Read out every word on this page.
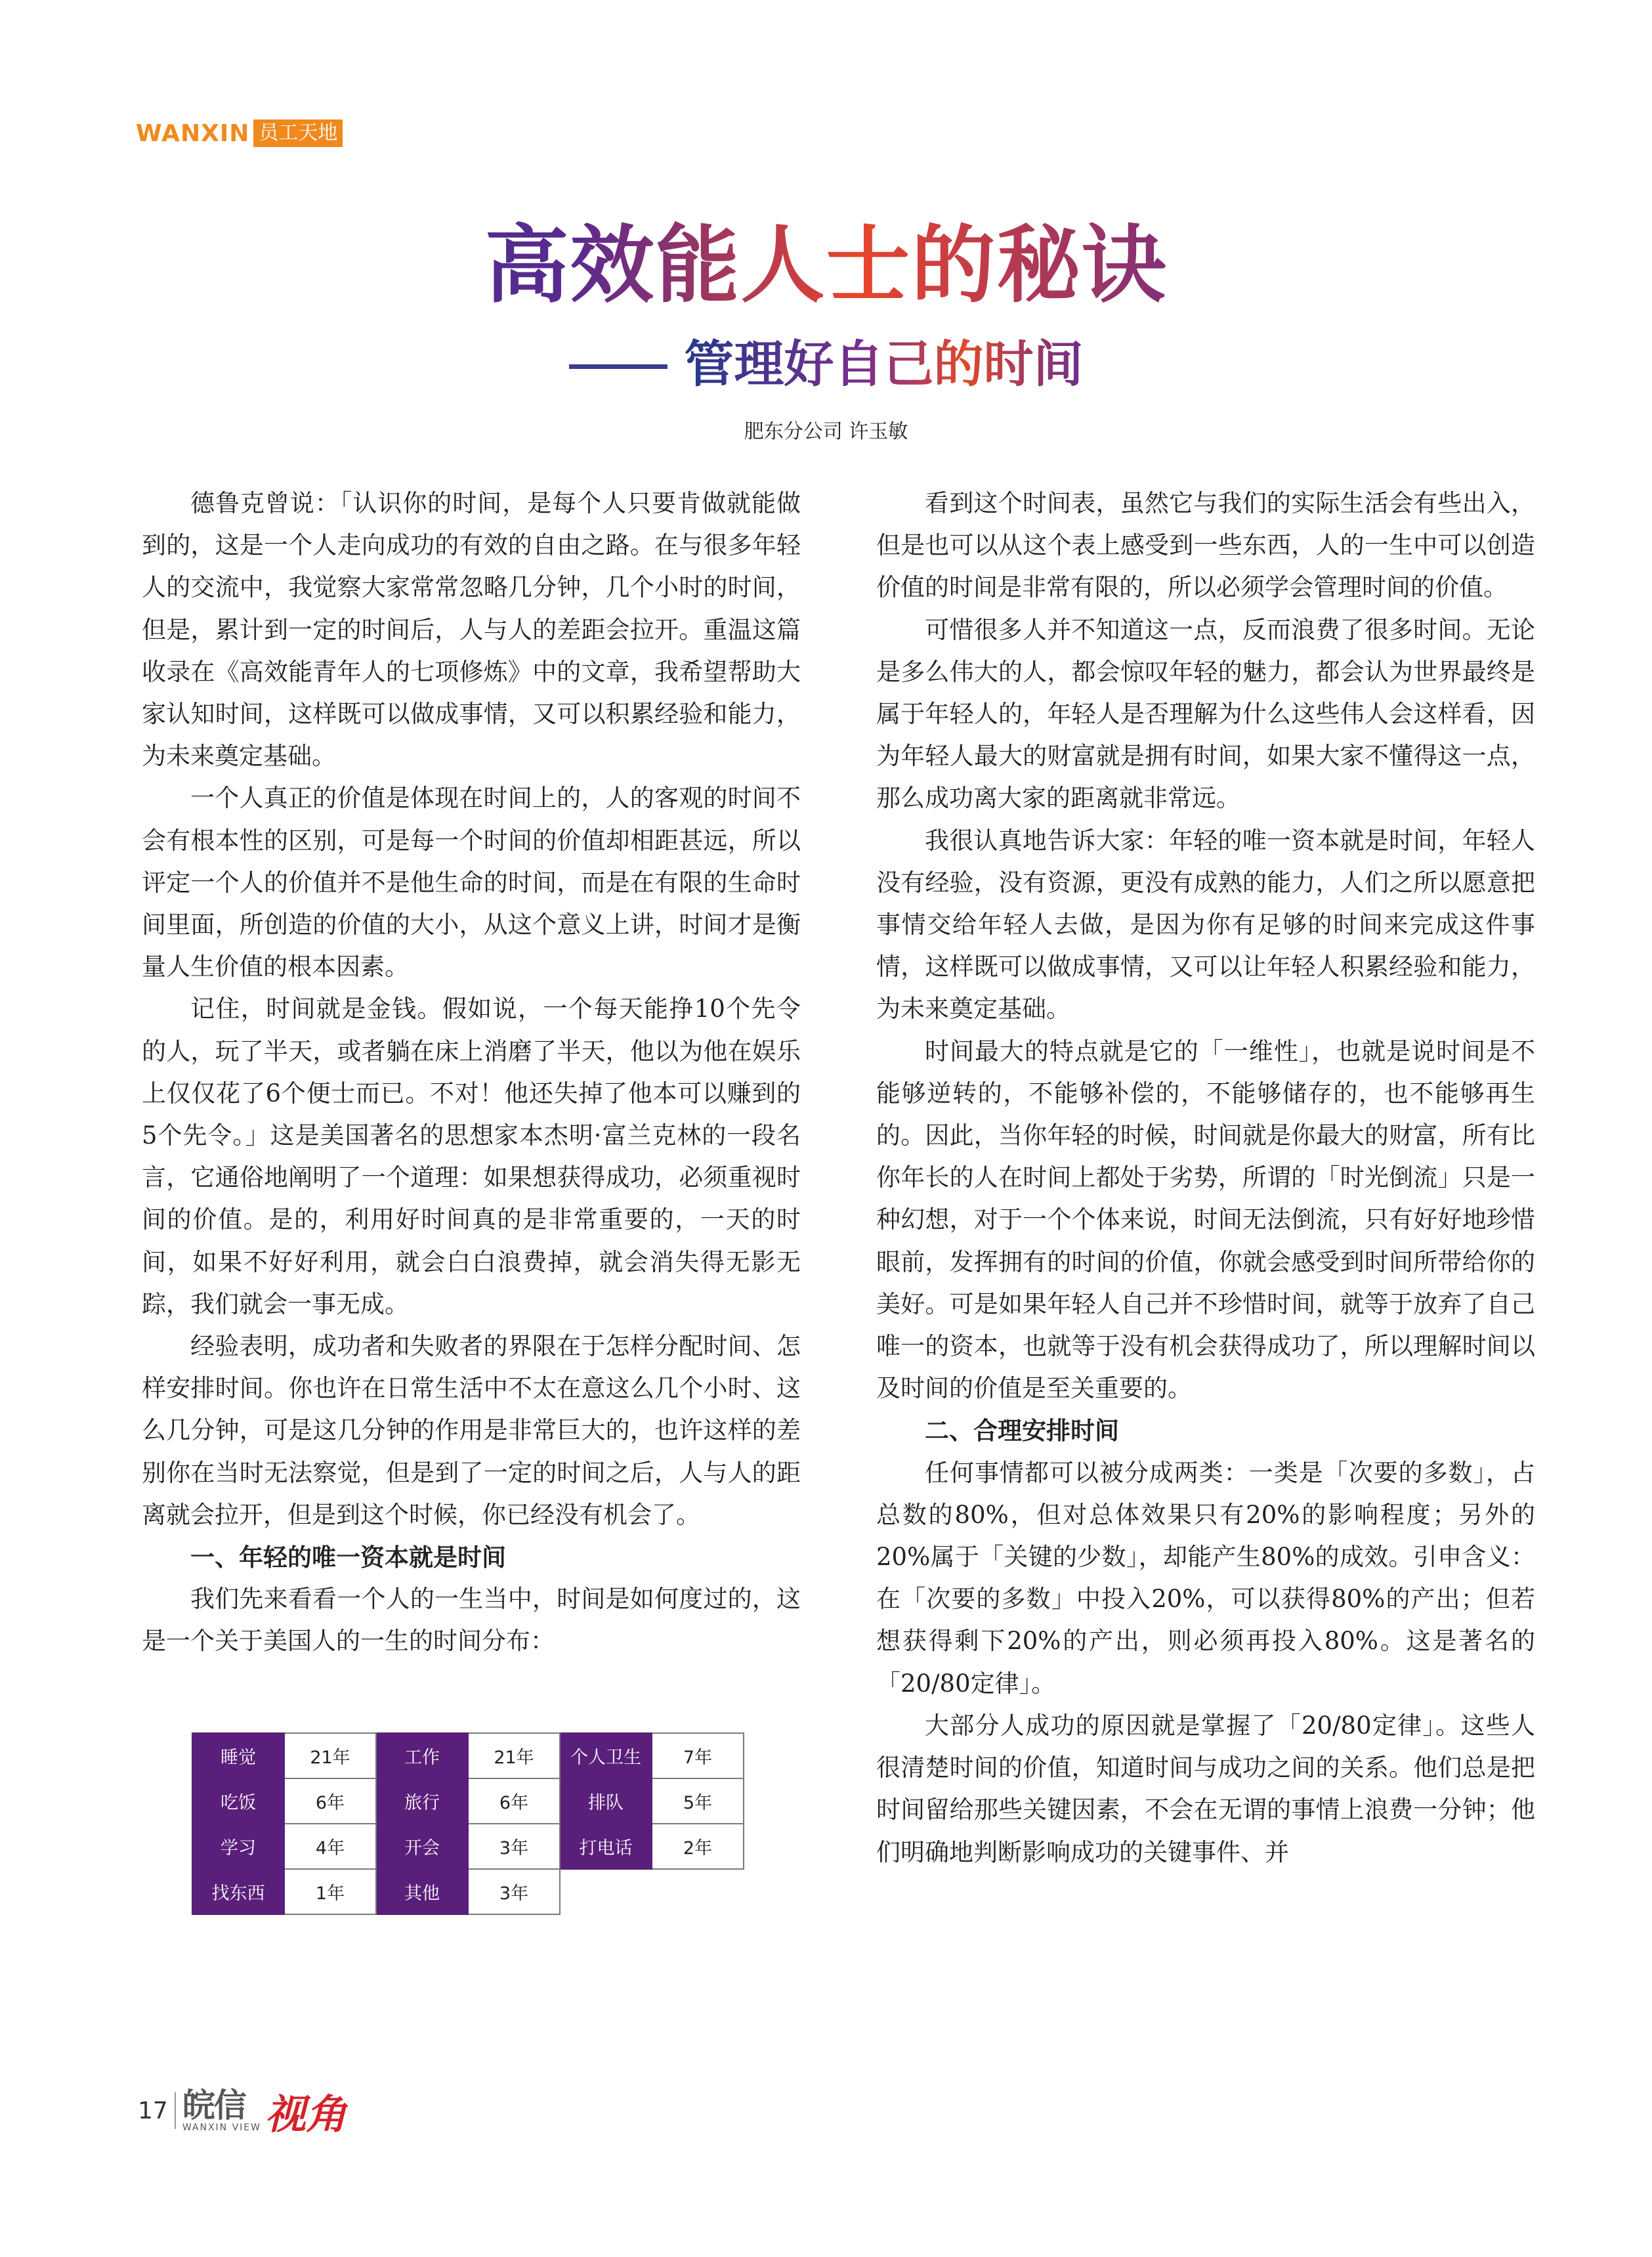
WANXIN 员工天地
高效能人士的秘诀
管理好自己的时间
肥东分公司 许玉敏

德鲁克曾说：「认识你的时间，是每个人只要肯做就能做到的，这是一个人走向成功的有效的自由之路。在与很多年轻人的交流中，我觉察大家常常忽略几分钟，几个小时的时间，但是，累计到一定的时间后，人与人的差距会拉开。重温这篇收录在《高效能青年人的七项修炼》中的文章，我希望帮助大家认知时间，这样既可以做成事情，又可以积累经验和能力，为未来奠定基础。

一个人真正的价值是体现在时间上的，人的客观的时间不会有根本性的区别，可是每一个时间的价值却相距甚远，所以评定一个人的价值并不是他生命的时间，而是在有限的生命时间里面，所创造的价值的大小，从这个意义上讲，时间才是衡量人生价值的根本因素。

记住，时间就是金钱。假如说，一个每天能挣10个先令的人，玩了半天，或者躺在床上消磨了半天，他以为他在娱乐上仅仅花了6个便士而已。不对！他还失掉了他本可以赚到的5个先令。」这是美国著名的思想家本杰明·富兰克林的一段名言，它通俗地阐明了一个道理：如果想获得成功，必须重视时间的价值。是的，利用好时间真的是非常重要的，一天的时间，如果不好好利用，就会白白浪费掉，就会消失得无影无踪，我们就会一事无成。

经验表明，成功者和失败者的界限在于怎样分配时间、怎样安排时间。你也许在日常生活中不太在意这么几个小时、这么几分钟，可是这几分钟的作用是非常巨大的，也许这样的差别你在当时无法察觉，但是到了一定的时间之后，人与人的距离就会拉开，但是到这个时候，你已经没有机会了。

一、年轻的唯一资本就是时间

我们先来看看一个人的一生当中，时间是如何度过的，这是一个关于美国人的一生的时间分布：

睡觉	21年	工作	21年	个人卫生	7年
吃饭	6年	旅行	6年	排队	5年
学习	4年	开会	3年	打电话	2年
找东西	1年	其他	3年		

看到这个时间表，虽然它与我们的实际生活会有些出入，但是也可以从这个表上感受到一些东西，人的一生中可以创造价值的时间是非常有限的，所以必须学会管理时间的价值。

可惜很多人并不知道这一点，反而浪费了很多时间。无论是多么伟大的人，都会惊叹年轻的魅力，都会认为世界最终是属于年轻人的，年轻人是否理解为什么这些伟人会这样看，因为年轻人最大的财富就是拥有时间，如果大家不懂得这一点，那么成功离大家的距离就非常远。

我很认真地告诉大家：年轻的唯一资本就是时间，年轻人没有经验，没有资源，更没有成熟的能力，人们之所以愿意把事情交给年轻人去做，是因为你有足够的时间来完成这件事情，这样既可以做成事情，又可以让年轻人积累经验和能力，为未来奠定基础。

时间最大的特点就是它的「一维性」，也就是说时间是不能够逆转的，不能够补偿的，不能够储存的，也不能够再生的。因此，当你年轻的时候，时间就是你最大的财富，所有比你年长的人在时间上都处于劣势，所谓的「时光倒流」只是一种幻想，对于一个个体来说，时间无法倒流，只有好好地珍惜眼前，发挥拥有的时间的价值，你就会感受到时间所带给你的美好。可是如果年轻人自己并不珍惜时间，就等于放弃了自己唯一的资本，也就等于没有机会获得成功了，所以理解时间以及时间的价值是至关重要的。

二、合理安排时间

任何事情都可以被分成两类：一类是「次要的多数」，占总数的80%，但对总体效果只有20%的影响程度；另外的20%属于「关键的少数」，却能产生80%的成效。引申含义：在「次要的多数」中投入20%，可以获得80%的产出；但若想获得剩下20%的产出，则必须再投入80%。这是著名的「20/80定律」。

大部分人成功的原因就是掌握了「20/80定律」。这些人很清楚时间的价值，知道时间与成功之间的关系。他们总是把时间留给那些关键因素，不会在无谓的事情上浪费一分钟；他们明确地判断影响成功的关键事件、并

17 皖信
WANXIN VIEW 视角
